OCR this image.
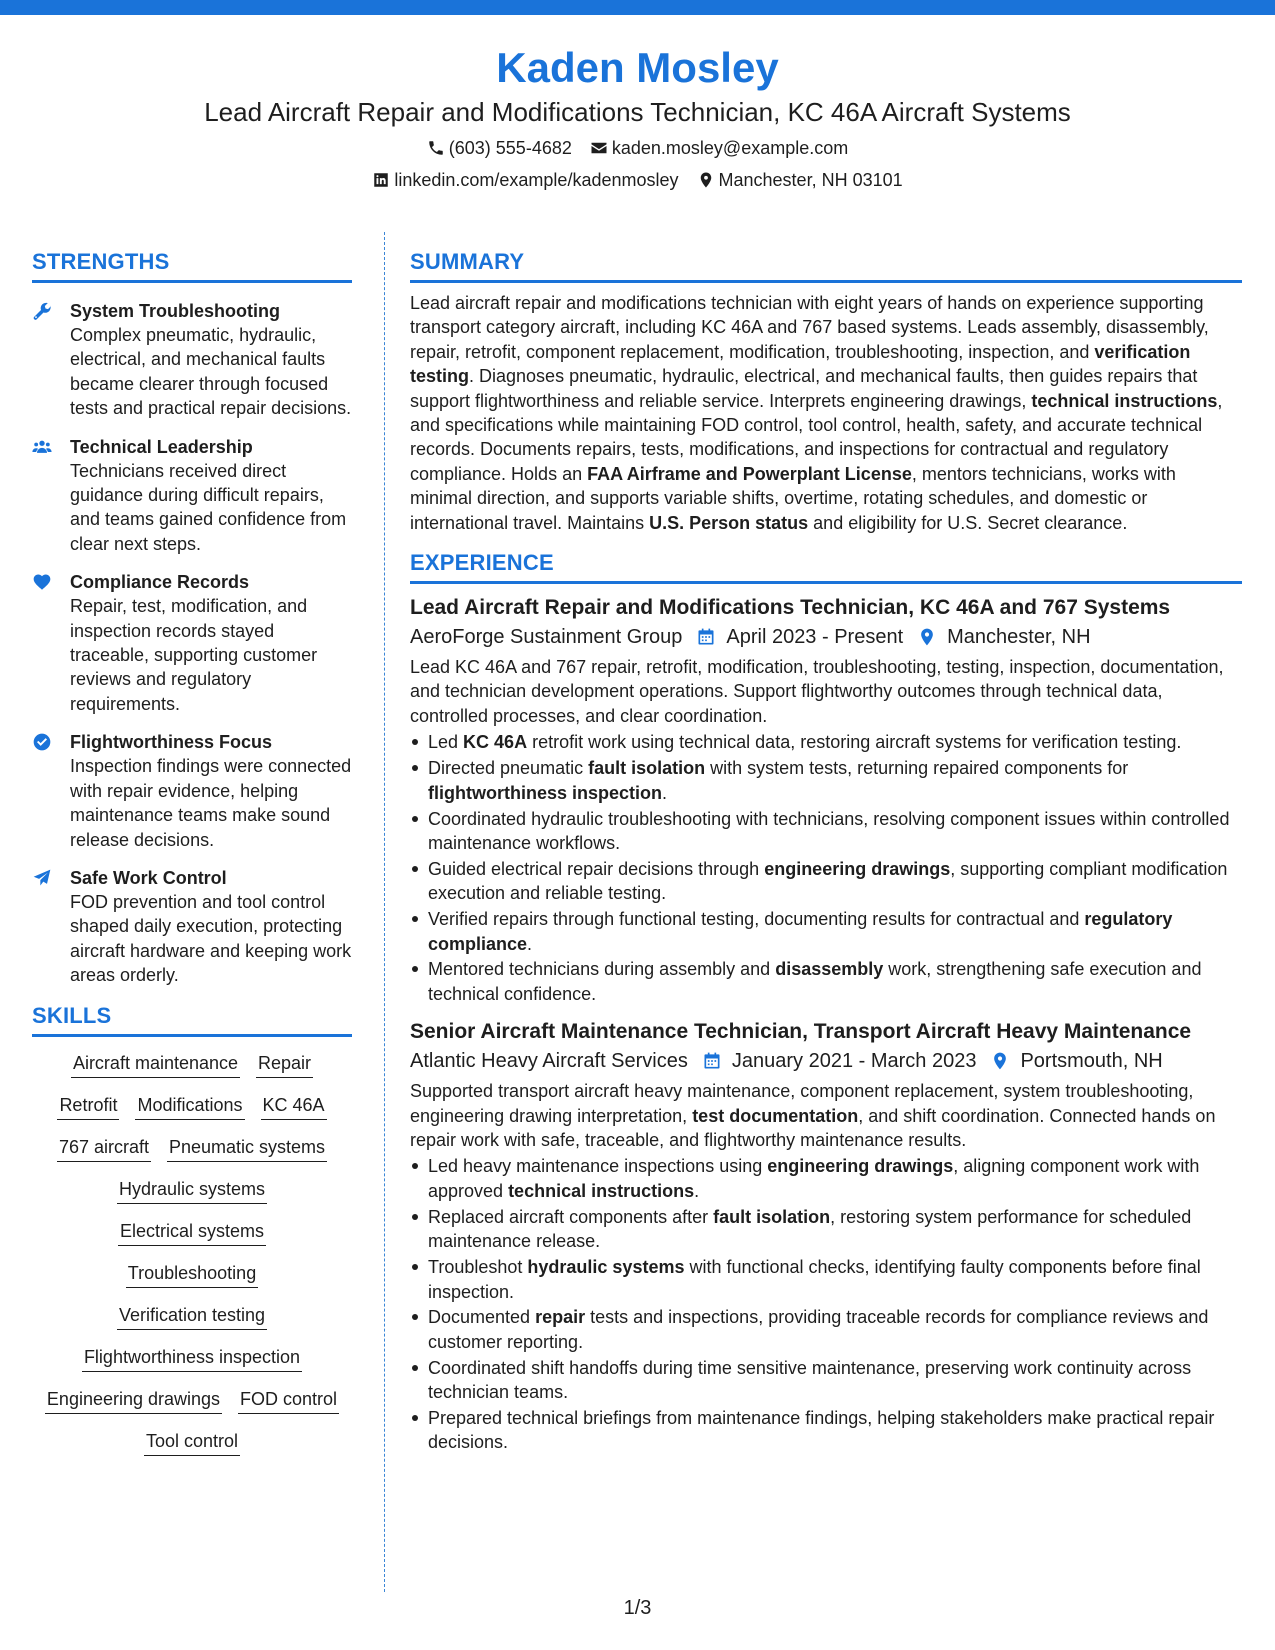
Kaden Mosley
Lead Aircraft Repair and Modifications Technician, KC 46A Aircraft Systems
(603) 555-4682 kaden.mosley@example.com
linkedin.com/example/kadenmosley Manchester, NH 03101
STRENGTHS
System Troubleshooting
Complex pneumatic, hydraulic, electrical, and mechanical faults became clearer through focused tests and practical repair decisions.
Technical Leadership
Technicians received direct guidance during difficult repairs, and teams gained confidence from clear next steps.
Compliance Records
Repair, test, modification, and inspection records stayed traceable, supporting customer reviews and regulatory requirements.
Flightworthiness Focus
Inspection findings were connected with repair evidence, helping maintenance teams make sound release decisions.
Safe Work Control
FOD prevention and tool control shaped daily execution, protecting aircraft hardware and keeping work areas orderly.
SKILLS
Aircraft maintenance Repair
Retrofit Modifications KC 46A
767 aircraft Pneumatic systems
Hydraulic systems
Electrical systems
Troubleshooting
Verification testing
Flightworthiness inspection
Engineering drawings FOD control
Tool control
SUMMARY
Lead aircraft repair and modifications technician with eight years of hands on experience supporting transport category aircraft, including KC 46A and 767 based systems. Leads assembly, disassembly, repair, retrofit, component replacement, modification, troubleshooting, inspection, and verification testing. Diagnoses pneumatic, hydraulic, electrical, and mechanical faults, then guides repairs that support flightworthiness and reliable service. Interprets engineering drawings, technical instructions, and specifications while maintaining FOD control, tool control, health, safety, and accurate technical records. Documents repairs, tests, modifications, and inspections for contractual and regulatory compliance. Holds an FAA Airframe and Powerplant License, mentors technicians, works with minimal direction, and supports variable shifts, overtime, rotating schedules, and domestic or international travel. Maintains U.S. Person status and eligibility for U.S. Secret clearance.
EXPERIENCE
Lead Aircraft Repair and Modifications Technician, KC 46A and 767 Systems
AeroForge Sustainment Group April 2023 - Present Manchester, NH
Lead KC 46A and 767 repair, retrofit, modification, troubleshooting, testing, inspection, documentation, and technician development operations. Support flightworthy outcomes through technical data, controlled processes, and clear coordination.
Led KC 46A retrofit work using technical data, restoring aircraft systems for verification testing.
Directed pneumatic fault isolation with system tests, returning repaired components for flightworthiness inspection.
Coordinated hydraulic troubleshooting with technicians, resolving component issues within controlled maintenance workflows.
Guided electrical repair decisions through engineering drawings, supporting compliant modification execution and reliable testing.
Verified repairs through functional testing, documenting results for contractual and regulatory compliance.
Mentored technicians during assembly and disassembly work, strengthening safe execution and technical confidence.
Senior Aircraft Maintenance Technician, Transport Aircraft Heavy Maintenance
Atlantic Heavy Aircraft Services January 2021 - March 2023 Portsmouth, NH
Supported transport aircraft heavy maintenance, component replacement, system troubleshooting, engineering drawing interpretation, test documentation, and shift coordination. Connected hands on repair work with safe, traceable, and flightworthy maintenance results.
Led heavy maintenance inspections using engineering drawings, aligning component work with approved technical instructions.
Replaced aircraft components after fault isolation, restoring system performance for scheduled maintenance release.
Troubleshot hydraulic systems with functional checks, identifying faulty components before final inspection.
Documented repair tests and inspections, providing traceable records for compliance reviews and customer reporting.
Coordinated shift handoffs during time sensitive maintenance, preserving work continuity across technician teams.
Prepared technical briefings from maintenance findings, helping stakeholders make practical repair decisions.
1/3
